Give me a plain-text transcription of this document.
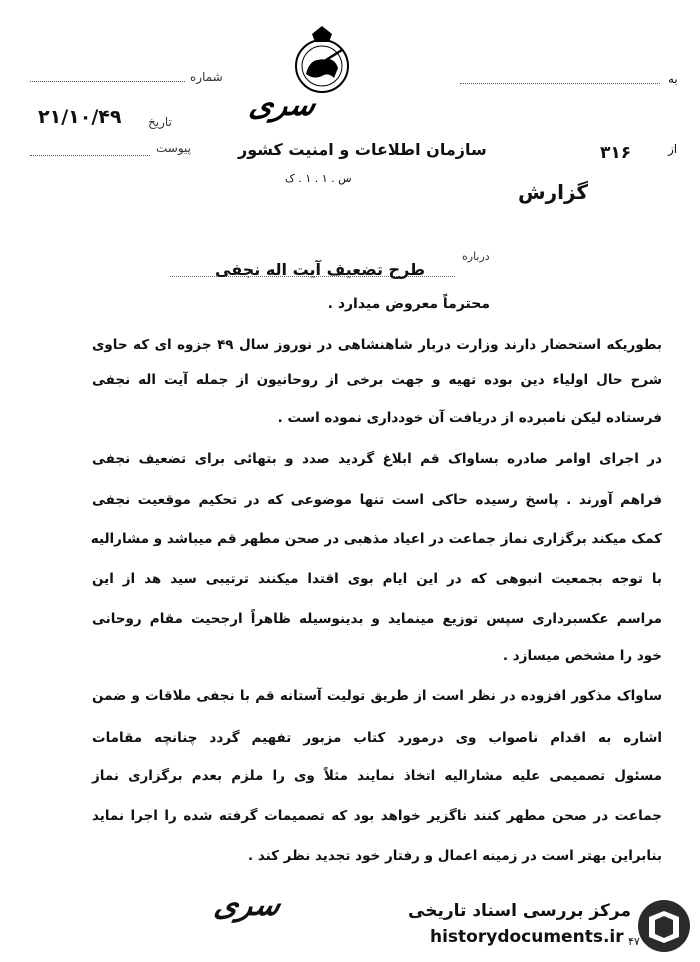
شماره
تاریخ
۲۱/۱۰/۴۹
پیوست
سری
سازمان اطلاعات و امنیت کشور
س . ۱ . ۱ . ک
به
از
۳۱۶
گزارش
درباره
طرح تضعیف آیت اله نجفی
محترماً معروض میدارد .
بطوریکه استحضار دارند وزارت دربار شاهنشاهی در نوروز سال ۴۹ جزوه ای که حاوی
شرح حال اولیاء دین بوده تهیه و جهت برخی از روحانیون از جمله آیت اله نجفی
فرستاده لیکن نامبرده از دریافت آن خودداری نموده است .
در اجرای اوامر صادره بساواک قم ابلاغ گردید صدد و بتهائی برای تضعیف نجفی
فراهم آورند . پاسخ رسیده حاکی است تنها موضوعی که در تحکیم موقعیت نجفی
کمک میکند برگزاری نماز جماعت در اعیاد مذهبی در صحن مطهر قم میباشد و مشارالیه
با توجه بجمعیت انبوهی که در این ایام بوی اقتدا میکنند ترتیبی سید هد از این
مراسم عکسبرداری سپس توزیع مینماید و بدینوسیله ظاهراً ارجحیت مقام روحانی
خود را مشخص میسازد .
ساواک مذکور افزوده در نظر است از طریق تولیت آستانه قم با نجفی ملاقات و ضمن
اشاره به اقدام ناصواب وی درمورد کتاب مزبور تفهیم گردد چنانچه مقامات
مسئول تصمیمی علیه مشارالیه اتخاذ نمایند مثلاً وی را ملزم بعدم برگزاری نماز
جماعت در صحن مطهر کنند ناگزیر خواهد بود که تصمیمات گرفته شده را اجرا نماید
بنابراین بهتر است در زمینه اعمال و رفتار خود تجدید نظر کند .
سری	مرکز بررسی اسناد تاریخی
historydocuments.ir ۴۷
